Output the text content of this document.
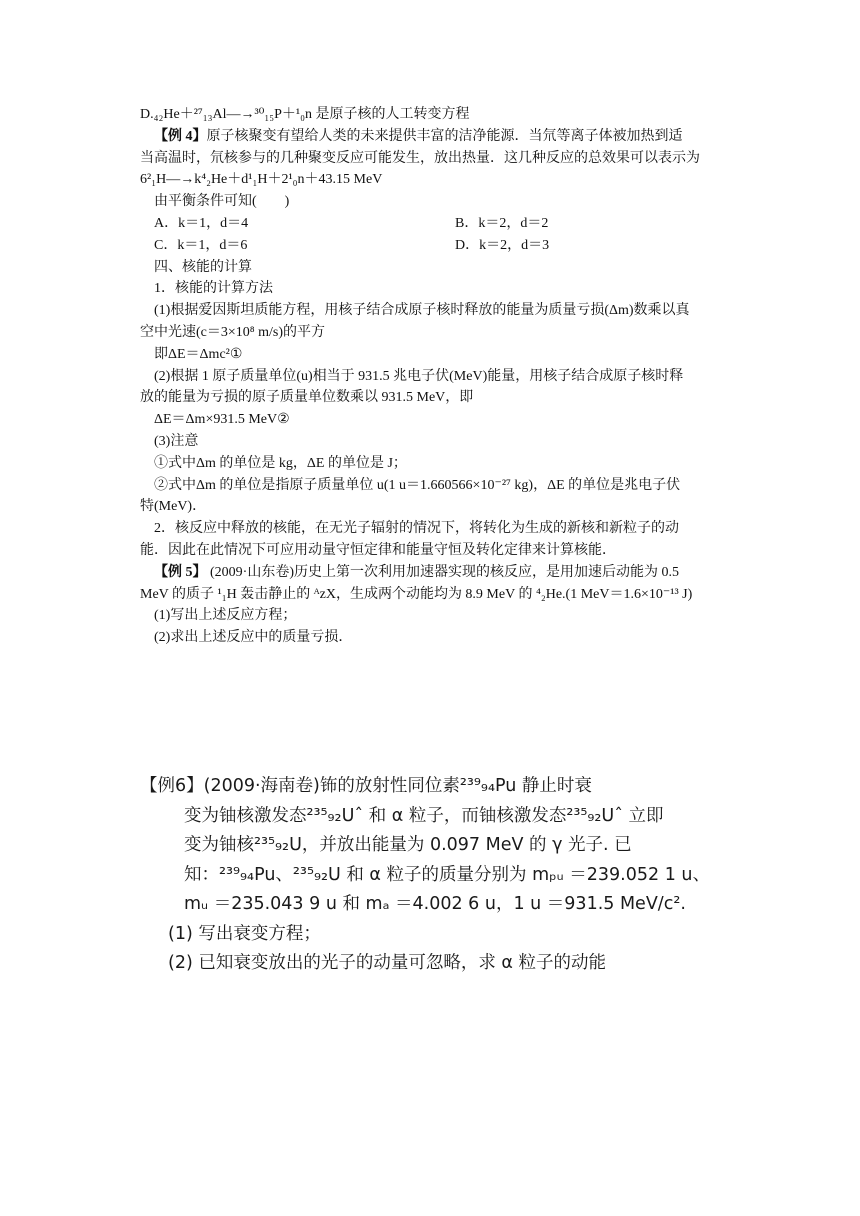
D.₄₂He＋²⁷₁₃Al—→³⁰₁₅P＋¹₀n 是原子核的人工转变方程

【例 4】原子核聚变有望给人类的未来提供丰富的洁净能源．当氘等离子体被加热到适

当高温时，氘核参与的几种聚变反应可能发生，放出热量．这几种反应的总效果可以表示为

6²₁H—→k⁴₂He＋d¹₁H＋2¹₀n＋43.15 MeV

由平衡条件可知(　　)

A．k＝1，d＝4	B．k＝2，d＝2
C．k＝1，d＝6	D．k＝2，d＝3

四、核能的计算

1．核能的计算方法

(1)根据爱因斯坦质能方程，用核子结合成原子核时释放的能量为质量亏损(Δm)数乘以真

空中光速(c＝3×10⁸ m/s)的平方

即ΔE＝Δmc²①

(2)根据 1 原子质量单位(u)相当于 931.5 兆电子伏(MeV)能量，用核子结合成原子核时释

放的能量为亏损的原子质量单位数乘以 931.5 MeV，即

ΔE＝Δm×931.5 MeV②

(3)注意

①式中Δm 的单位是 kg，ΔE 的单位是 J；

②式中Δm 的单位是指原子质量单位 u(1 u＝1.660566×10⁻²⁷ kg)，ΔE 的单位是兆电子伏

特(MeV)．

2．核反应中释放的核能，在无光子辐射的情况下，将转化为生成的新核和新粒子的动

能．因此在此情况下可应用动量守恒定律和能量守恒及转化定律来计算核能．

【例 5】 (2009·山东卷)历史上第一次利用加速器实现的核反应，是用加速后动能为 0.5

MeV 的质子 ¹₁H 轰击静止的 ᴬᴢX，生成两个动能均为 8.9 MeV 的 ⁴₂He.(1 MeV＝1.6×10⁻¹³ J)

(1)写出上述反应方程；

(2)求出上述反应中的质量亏损．

【例6】(2009·海南卷)钸的放射性同位素²³⁹₉₄Pu 静止时衰

变为铀核激发态²³⁵₉₂Uˆ 和 α 粒子，而铀核激发态²³⁵₉₂Uˆ 立即

变为铀核²³⁵₉₂U，并放出能量为 0.097 MeV 的 γ 光子. 已

知：²³⁹₉₄Pu、²³⁵₉₂U 和 α 粒子的质量分别为 mₚᵤ ＝239.052 1 u、

mᵤ ＝235.043 9 u 和 mₐ ＝4.002 6 u，1 u ＝931.5 MeV/c².

(1) 写出衰变方程；

(2) 已知衰变放出的光子的动量可忽略，求 α 粒子的动能
